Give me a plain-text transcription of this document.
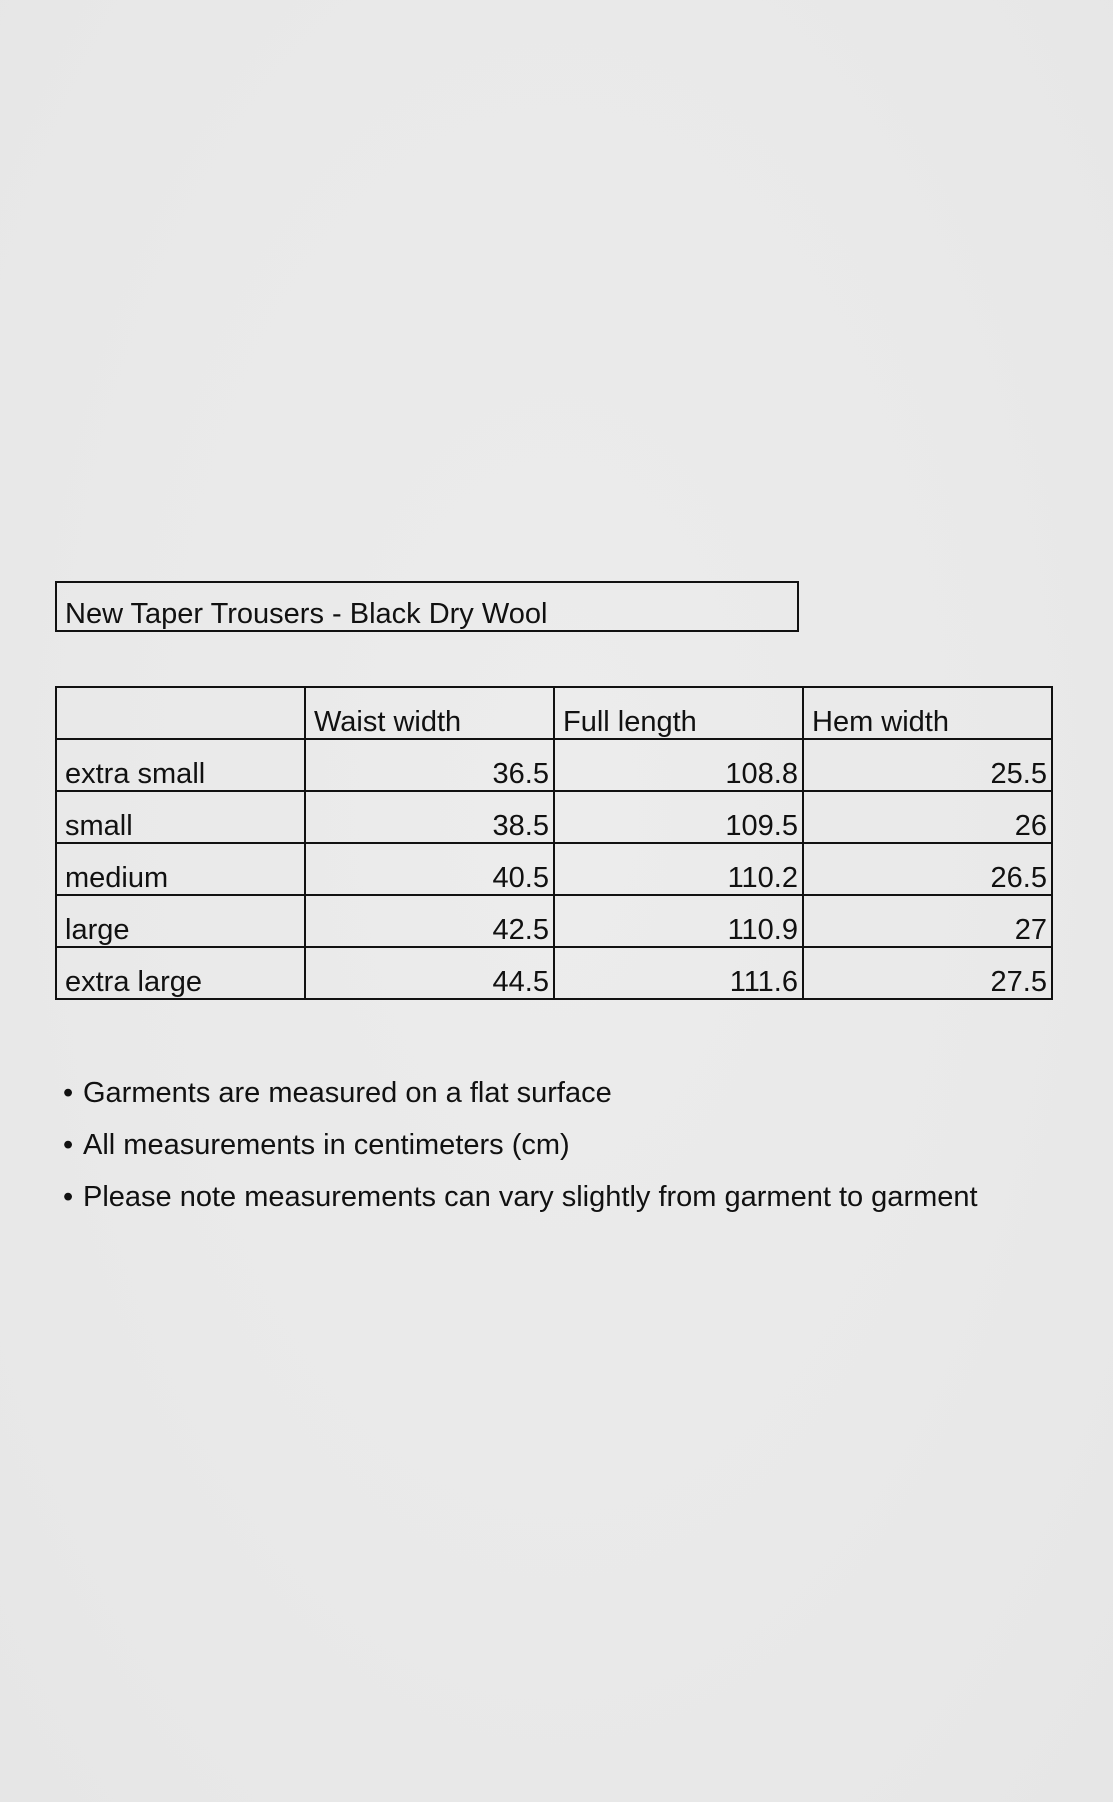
New Taper Trousers - Black Dry Wool
	Waist width	Full length	Hem width
extra small	36.5	108.8	25.5
small	38.5	109.5	26
medium	40.5	110.2	26.5
large	42.5	110.9	27
extra large	44.5	111.6	27.5
• Garments are measured on a flat surface
• All measurements in centimeters (cm)
• Please note measurements can vary slightly from garment to garment
